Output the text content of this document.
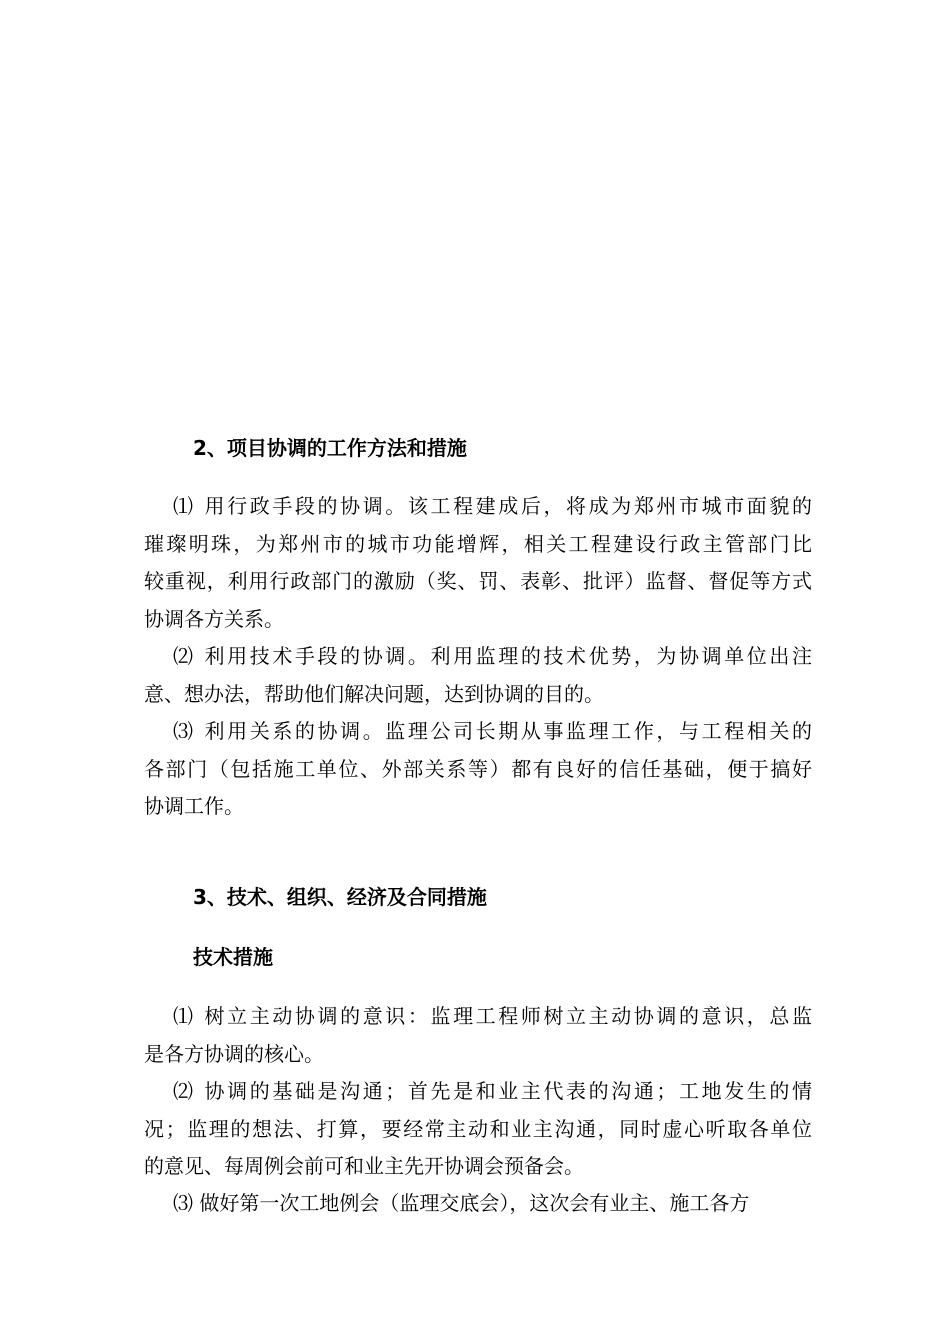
2、项目协调的工作方法和措施
⑴ 用行政手段的协调。该工程建成后，将成为郑州市城市面貌的
璀璨明珠，为郑州市的城市功能增辉，相关工程建设行政主管部门比
较重视，利用行政部门的激励（奖、罚、表彰、批评）监督、督促等方式
协调各方关系。
⑵ 利用技术手段的协调。利用监理的技术优势，为协调单位出注
意、想办法，帮助他们解决问题，达到协调的目的。
⑶ 利用关系的协调。监理公司长期从事监理工作，与工程相关的
各部门（包括施工单位、外部关系等）都有良好的信任基础，便于搞好
协调工作。
3、技术、组织、经济及合同措施
技术措施
⑴ 树立主动协调的意识：监理工程师树立主动协调的意识，总监
是各方协调的核心。
⑵ 协调的基础是沟通；首先是和业主代表的沟通；工地发生的情
况；监理的想法、打算，要经常主动和业主沟通，同时虚心听取各单位
的意见、每周例会前可和业主先开协调会预备会。
⑶ 做好第一次工地例会（监理交底会），这次会有业主、施工各方
